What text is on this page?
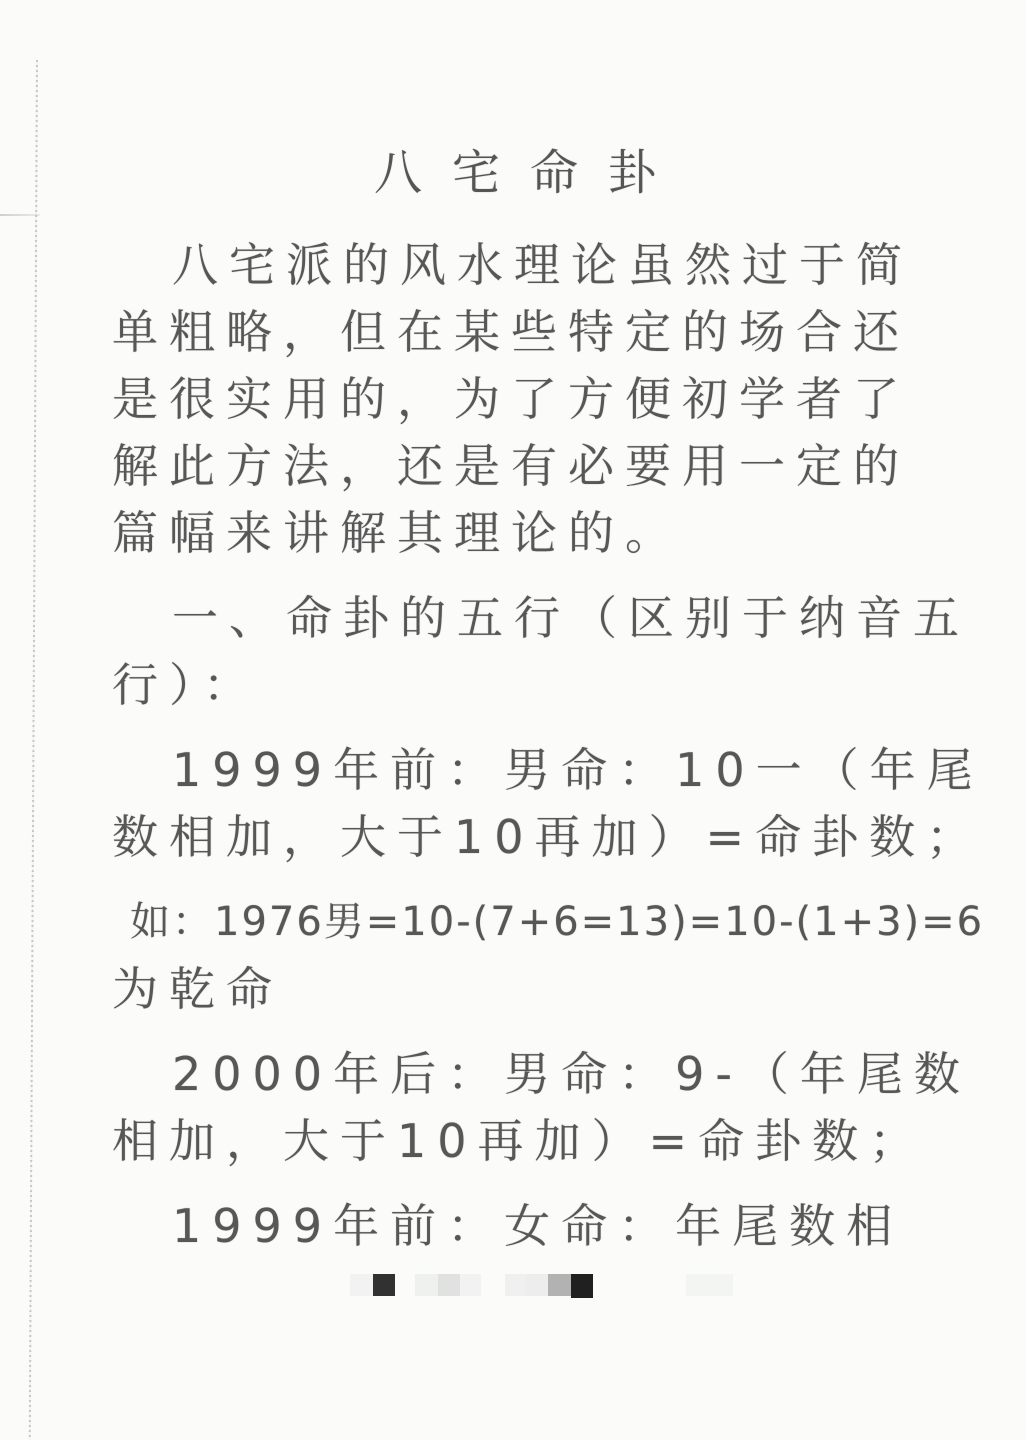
八宅命卦
八宅派的风水理论虽然过于简
单粗略，但在某些特定的场合还
是很实用的，为了方便初学者了
解此方法，还是有必要用一定的
篇幅来讲解其理论的。
一、命卦的五行（区别于纳音五
行）：
1999年前：男命：10一（年尾
数相加，大于10再加）=命卦数；
如：1976男=10-(7+6=13)=10-(1+3)=6
为乾命
2000年后：男命：9-（年尾数
相加，大于10再加）=命卦数；
1999年前：女命：年尾数相
